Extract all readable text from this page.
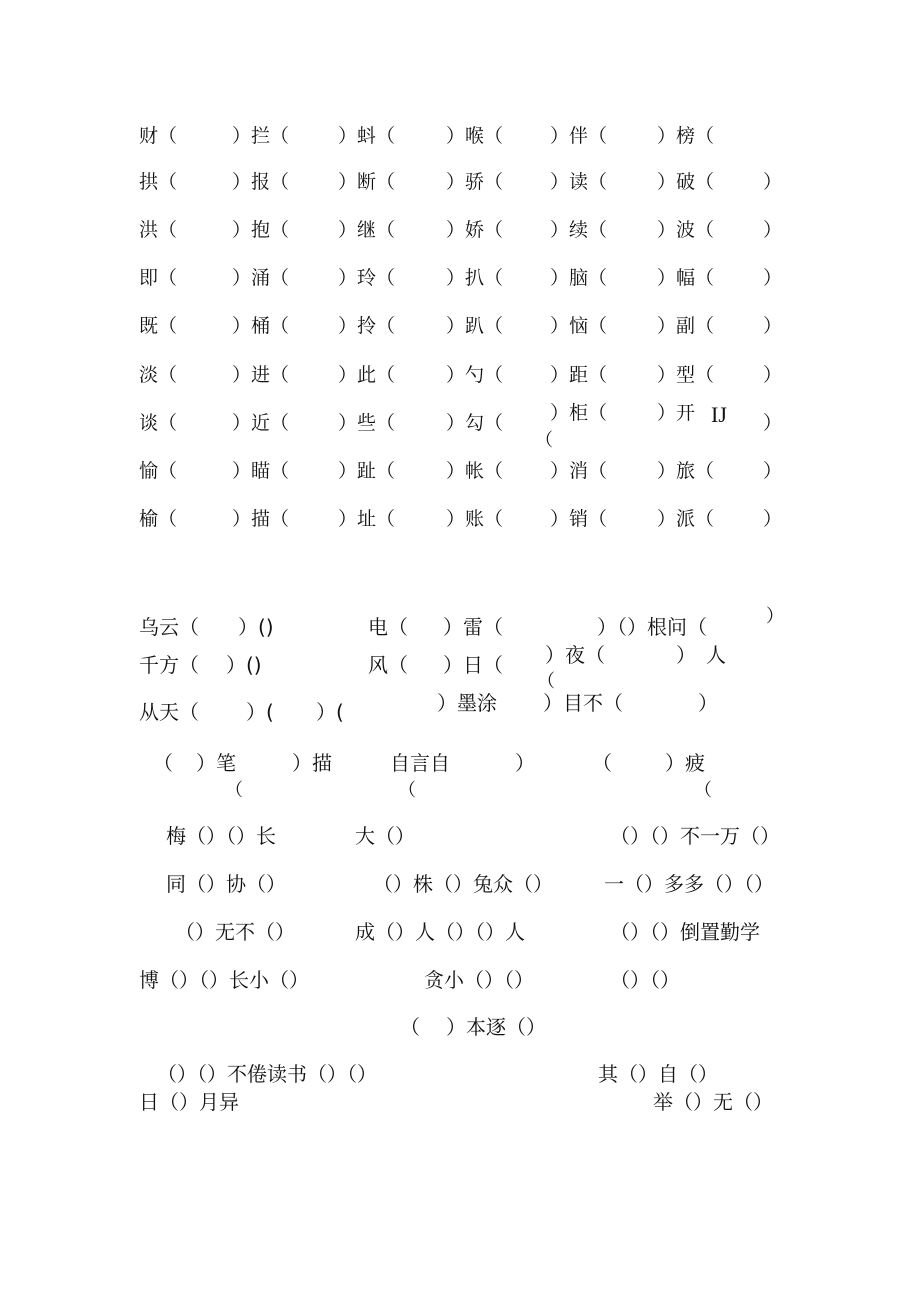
财（	）拦（	）蚪（	）喉（ ）伴（	）榜（
拱（	）报（	）断（	）骄（ ）读（	）破（	）
洪（	）抱（	）继（	）娇（ ）续（	）波（	）
即（	）涌（	）玲（	）扒（ ）脑（	）幅（	）
既（	）桶（	）拎（	）趴（ ）恼（	）副（	）
淡（	）进（	）此（	）勺（ ）距（	）型（	）
谈（	）近（	）些（	）勾（ ）柜（	）开 IJ ）
（
愉（	）瞄（	）趾（	）帐（ ）消（	）旅（	）
榆（	）描（	）址（	）账（ ）销（	）派（	）
乌云（ ）()	电（ ）雷（	）（）根问（	）
千方（ ）()	风（ ）日（ ）夜（	） 人
（
从天（ ）( ）(	）墨涂 ）目不（	）
（ ）笔	）描	自言自	）	（	）疲
（	（	（
梅（）（）长	大（）	（）（）不一万（）
同（）协（）	（）株（）兔众（）	一（）多多（）（）
（）无不（）	成（）人（）（）人	（）（）倒置勤学
博（）（）长小（）	贪小（）（）	（）（）
（ ）本逐（）
（）（）不倦读书（）（）	其（）自（）
日（）月异	举（）无（）
